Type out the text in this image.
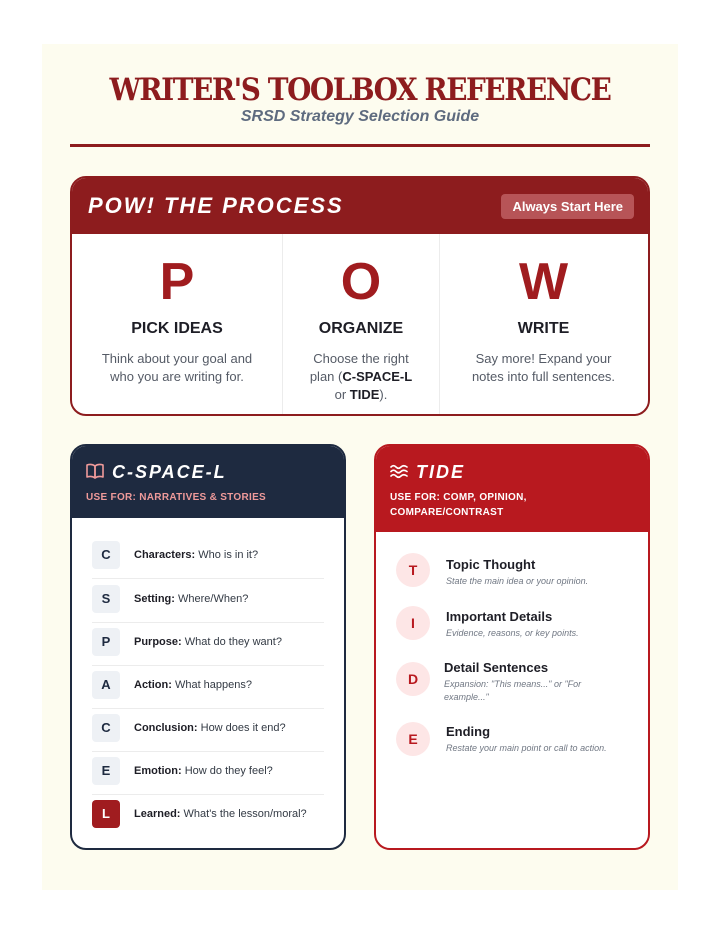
WRITER'S TOOLBOX REFERENCE
SRSD Strategy Selection Guide
POW! THE PROCESS	Always Start Here
P
PICK IDEAS
Think about your goal and who you are writing for.
O
ORGANIZE
Choose the right plan (C-SPACE-L or TIDE).
W
WRITE
Say more! Expand your notes into full sentences.
C-SPACE-L
USE FOR: NARRATIVES & STORIES
C	Characters: Who is in it?
S	Setting: Where/When?
P	Purpose: What do they want?
A	Action: What happens?
C	Conclusion: How does it end?
E	Emotion: How do they feel?
L	Learned: What's the lesson/moral?
TIDE
USE FOR: COMP, OPINION, COMPARE/CONTRAST
T	Topic Thought
State the main idea or your opinion.
I	Important Details
Evidence, reasons, or key points.
D
Detail Sentences
Expansion: "This means..." or "For example..."
E	Ending
Restate your main point or call to action.
